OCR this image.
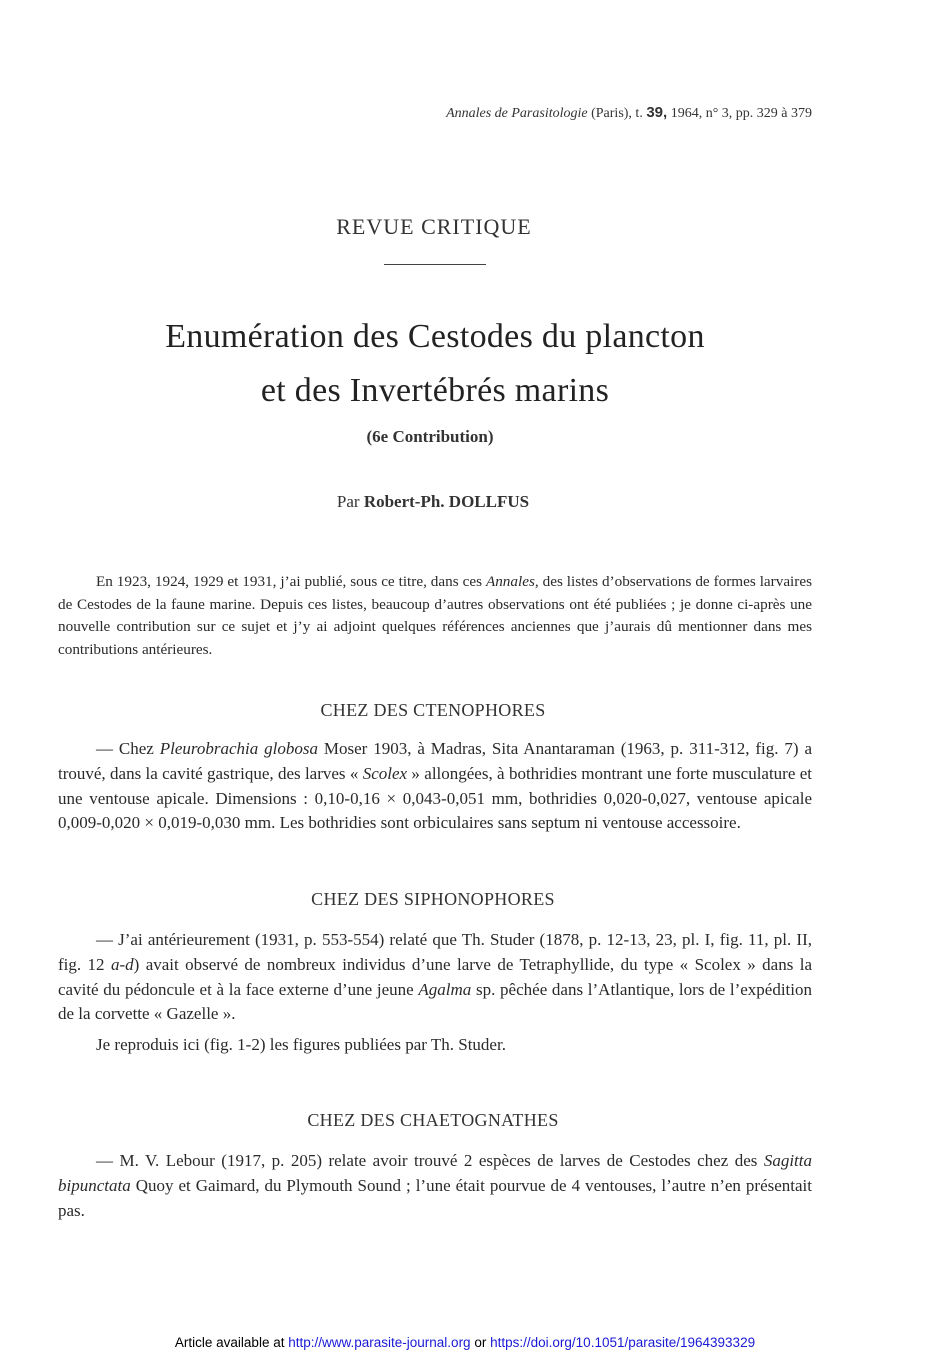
Annales de Parasitologie (Paris), t. 39, 1964, n° 3, pp. 329 à 379
REVUE CRITIQUE
Enumération des Cestodes du plancton
et des Invertébrés marins
(6e Contribution)
Par Robert-Ph. DOLLFUS

En 1923, 1924, 1929 et 1931, j’ai publié, sous ce titre, dans ces Annales, des listes d’observations de formes larvaires de Cestodes de la faune marine. Depuis ces listes, beaucoup d’autres observations ont été publiées ; je donne ci-après une nouvelle contribution sur ce sujet et j’y ai adjoint quelques références anciennes que j’aurais dû mentionner dans mes contributions antérieures.

CHEZ DES CTENOPHORES

— Chez Pleurobrachia globosa Moser 1903, à Madras, Sita Anantaraman (1963, p. 311-312, fig. 7) a trouvé, dans la cavité gastrique, des larves « Scolex » allongées, à bothridies montrant une forte musculature et une ventouse apicale. Dimensions : 0,10-0,16 × 0,043-0,051 mm, bothridies 0,020-0,027, ventouse apicale 0,009-0,020 × 0,019-0,030 mm. Les bothridies sont orbiculaires sans septum ni ventouse accessoire.

CHEZ DES SIPHONOPHORES

— J’ai antérieurement (1931, p. 553-554) relaté que Th. Studer (1878, p. 12-13, 23, pl. I, fig. 11, pl. II, fig. 12 a-d) avait observé de nombreux individus d’une larve de Tetraphyllide, du type « Scolex » dans la cavité du pédoncule et à la face externe d’une jeune Agalma sp. pêchée dans l’Atlantique, lors de l’expédition de la corvette « Gazelle ».

Je reproduis ici (fig. 1-2) les figures publiées par Th. Studer.

CHEZ DES CHAETOGNATHES

— M. V. Lebour (1917, p. 205) relate avoir trouvé 2 espèces de larves de Cestodes chez des Sagitta bipunctata Quoy et Gaimard, du Plymouth Sound ; l’une était pourvue de 4 ventouses, l’autre n’en présentait pas.

Article available at http://www.parasite-journal.org or https://doi.org/10.1051/parasite/1964393329
